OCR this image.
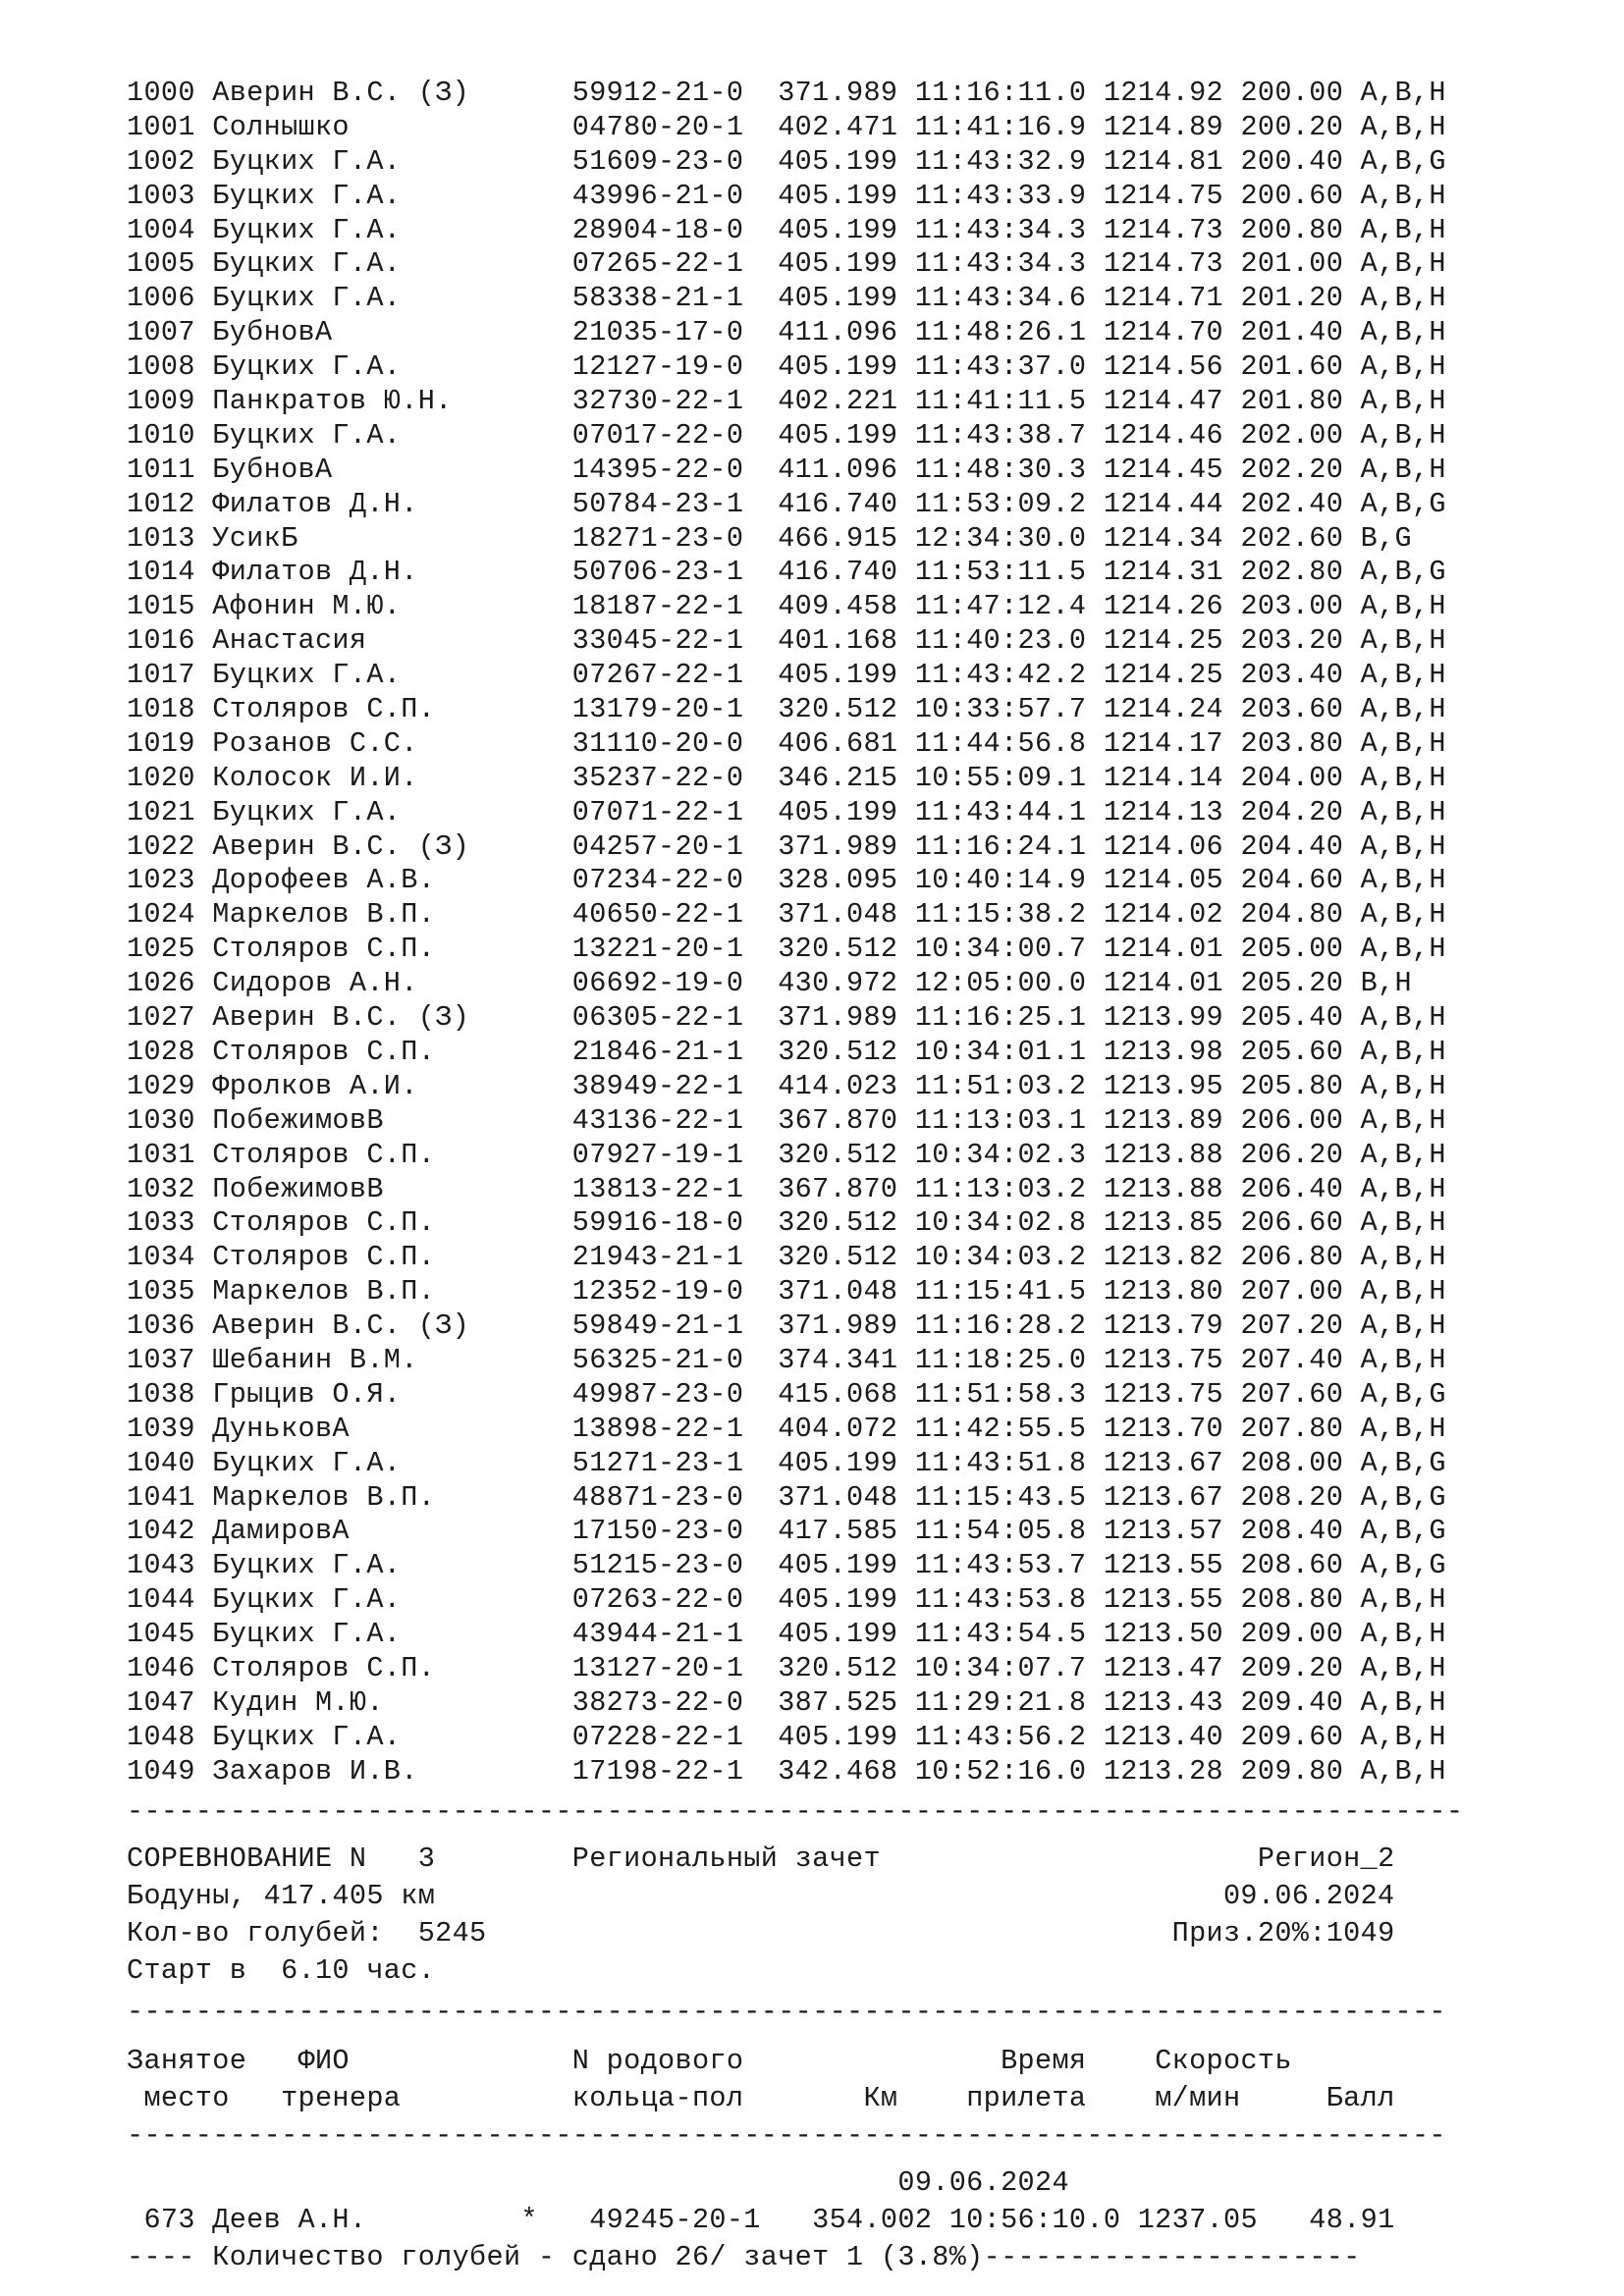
1000 Аверин В.С. (З)	59912-21-0 371.989 11:16:11.0 1214.92 200.00 A,B,H
1001 Солнышко	04780-20-1 402.471 11:41:16.9 1214.89 200.20 A,B,H
1002 Буцких Г.А.	51609-23-0 405.199 11:43:32.9 1214.81 200.40 A,B,G
1003 Буцких Г.А.	43996-21-0 405.199 11:43:33.9 1214.75 200.60 A,B,H
1004 Буцких Г.А.	28904-18-0 405.199 11:43:34.3 1214.73 200.80 A,B,H
1005 Буцких Г.А.	07265-22-1 405.199 11:43:34.3 1214.73 201.00 A,B,H
1006 Буцких Г.А.	58338-21-1 405.199 11:43:34.6 1214.71 201.20 A,B,H
1007 БубновА	21035-17-0 411.096 11:48:26.1 1214.70 201.40 A,B,H
1008 Буцких Г.А.	12127-19-0 405.199 11:43:37.0 1214.56 201.60 A,B,H
1009 Панкратов Ю.Н.	32730-22-1 402.221 11:41:11.5 1214.47 201.80 A,B,H
1010 Буцких Г.А.	07017-22-0 405.199 11:43:38.7 1214.46 202.00 A,B,H
1011 БубновА	14395-22-0 411.096 11:48:30.3 1214.45 202.20 A,B,H
1012 Филатов Д.Н.	50784-23-1 416.740 11:53:09.2 1214.44 202.40 A,B,G
1013 УсикБ	18271-23-0 466.915 12:34:30.0 1214.34 202.60 B,G
1014 Филатов Д.Н.	50706-23-1 416.740 11:53:11.5 1214.31 202.80 A,B,G
1015 Афонин М.Ю.	18187-22-1 409.458 11:47:12.4 1214.26 203.00 A,B,H
1016 Анастасия	33045-22-1 401.168 11:40:23.0 1214.25 203.20 A,B,H
1017 Буцких Г.А.	07267-22-1 405.199 11:43:42.2 1214.25 203.40 A,B,H
1018 Столяров С.П.	13179-20-1 320.512 10:33:57.7 1214.24 203.60 A,B,H
1019 Розанов С.С.	31110-20-0 406.681 11:44:56.8 1214.17 203.80 A,B,H
1020 Колосок И.И.	35237-22-0 346.215 10:55:09.1 1214.14 204.00 A,B,H
1021 Буцких Г.А.	07071-22-1 405.199 11:43:44.1 1214.13 204.20 A,B,H
1022 Аверин В.С. (З)	04257-20-1 371.989 11:16:24.1 1214.06 204.40 A,B,H
1023 Дорофеев А.В.	07234-22-0 328.095 10:40:14.9 1214.05 204.60 A,B,H
1024 Маркелов В.П.	40650-22-1 371.048 11:15:38.2 1214.02 204.80 A,B,H
1025 Столяров С.П.	13221-20-1 320.512 10:34:00.7 1214.01 205.00 A,B,H
1026 Сидоров А.Н.	06692-19-0 430.972 12:05:00.0 1214.01 205.20 B,H
1027 Аверин В.С. (З)	06305-22-1 371.989 11:16:25.1 1213.99 205.40 A,B,H
1028 Столяров С.П.	21846-21-1 320.512 10:34:01.1 1213.98 205.60 A,B,H
1029 Фролков А.И.	38949-22-1 414.023 11:51:03.2 1213.95 205.80 A,B,H
1030 ПобежимовВ	43136-22-1 367.870 11:13:03.1 1213.89 206.00 A,B,H
1031 Столяров С.П.	07927-19-1 320.512 10:34:02.3 1213.88 206.20 A,B,H
1032 ПобежимовВ	13813-22-1 367.870 11:13:03.2 1213.88 206.40 A,B,H
1033 Столяров С.П.	59916-18-0 320.512 10:34:02.8 1213.85 206.60 A,B,H
1034 Столяров С.П.	21943-21-1 320.512 10:34:03.2 1213.82 206.80 A,B,H
1035 Маркелов В.П.	12352-19-0 371.048 11:15:41.5 1213.80 207.00 A,B,H
1036 Аверин В.С. (З)	59849-21-1 371.989 11:16:28.2 1213.79 207.20 A,B,H
1037 Шебанин В.М.	56325-21-0 374.341 11:18:25.0 1213.75 207.40 A,B,H
1038 Грыцив О.Я.	49987-23-0 415.068 11:51:58.3 1213.75 207.60 A,B,G
1039 ДуньковА	13898-22-1 404.072 11:42:55.5 1213.70 207.80 A,B,H
1040 Буцких Г.А.	51271-23-1 405.199 11:43:51.8 1213.67 208.00 A,B,G
1041 Маркелов В.П.	48871-23-0 371.048 11:15:43.5 1213.67 208.20 A,B,G
1042 ДамировА	17150-23-0 417.585 11:54:05.8 1213.57 208.40 A,B,G
1043 Буцких Г.А.	51215-23-0 405.199 11:43:53.7 1213.55 208.60 A,B,G
1044 Буцких Г.А.	07263-22-0 405.199 11:43:53.8 1213.55 208.80 A,B,H
1045 Буцких Г.А.	43944-21-1 405.199 11:43:54.5 1213.50 209.00 A,B,H
1046 Столяров С.П.	13127-20-1 320.512 10:34:07.7 1213.47 209.20 A,B,H
1047 Кудин М.Ю.	38273-22-0 387.525 11:29:21.8 1213.43 209.40 A,B,H
1048 Буцких Г.А.	07228-22-1 405.199 11:43:56.2 1213.40 209.60 A,B,H
1049 Захаров И.В.	17198-22-1 342.468 10:52:16.0 1213.28 209.80 A,B,H
------------------------------------------------------------------------------
СОРЕВНОВАНИЕ N   3	Региональный зачет	Регион_2
Бодуны, 417.405 км	09.06.2024
Кол-во голубей:  5245	Приз.20%:1049
Старт в  6.10 час.
-----------------------------------------------------------------------------
Занятое ФИО	N родового	Время Скорость
место тренера	кольца-пол	Км прилета м/мин	Балл
-----------------------------------------------------------------------------
09.06.2024
673 Деев А.Н.	* 49245-20-1 354.002 10:56:10.0 1237.05 48.91
---- Количество голубей - сдано 26/ зачет 1 (3.8%)----------------------
